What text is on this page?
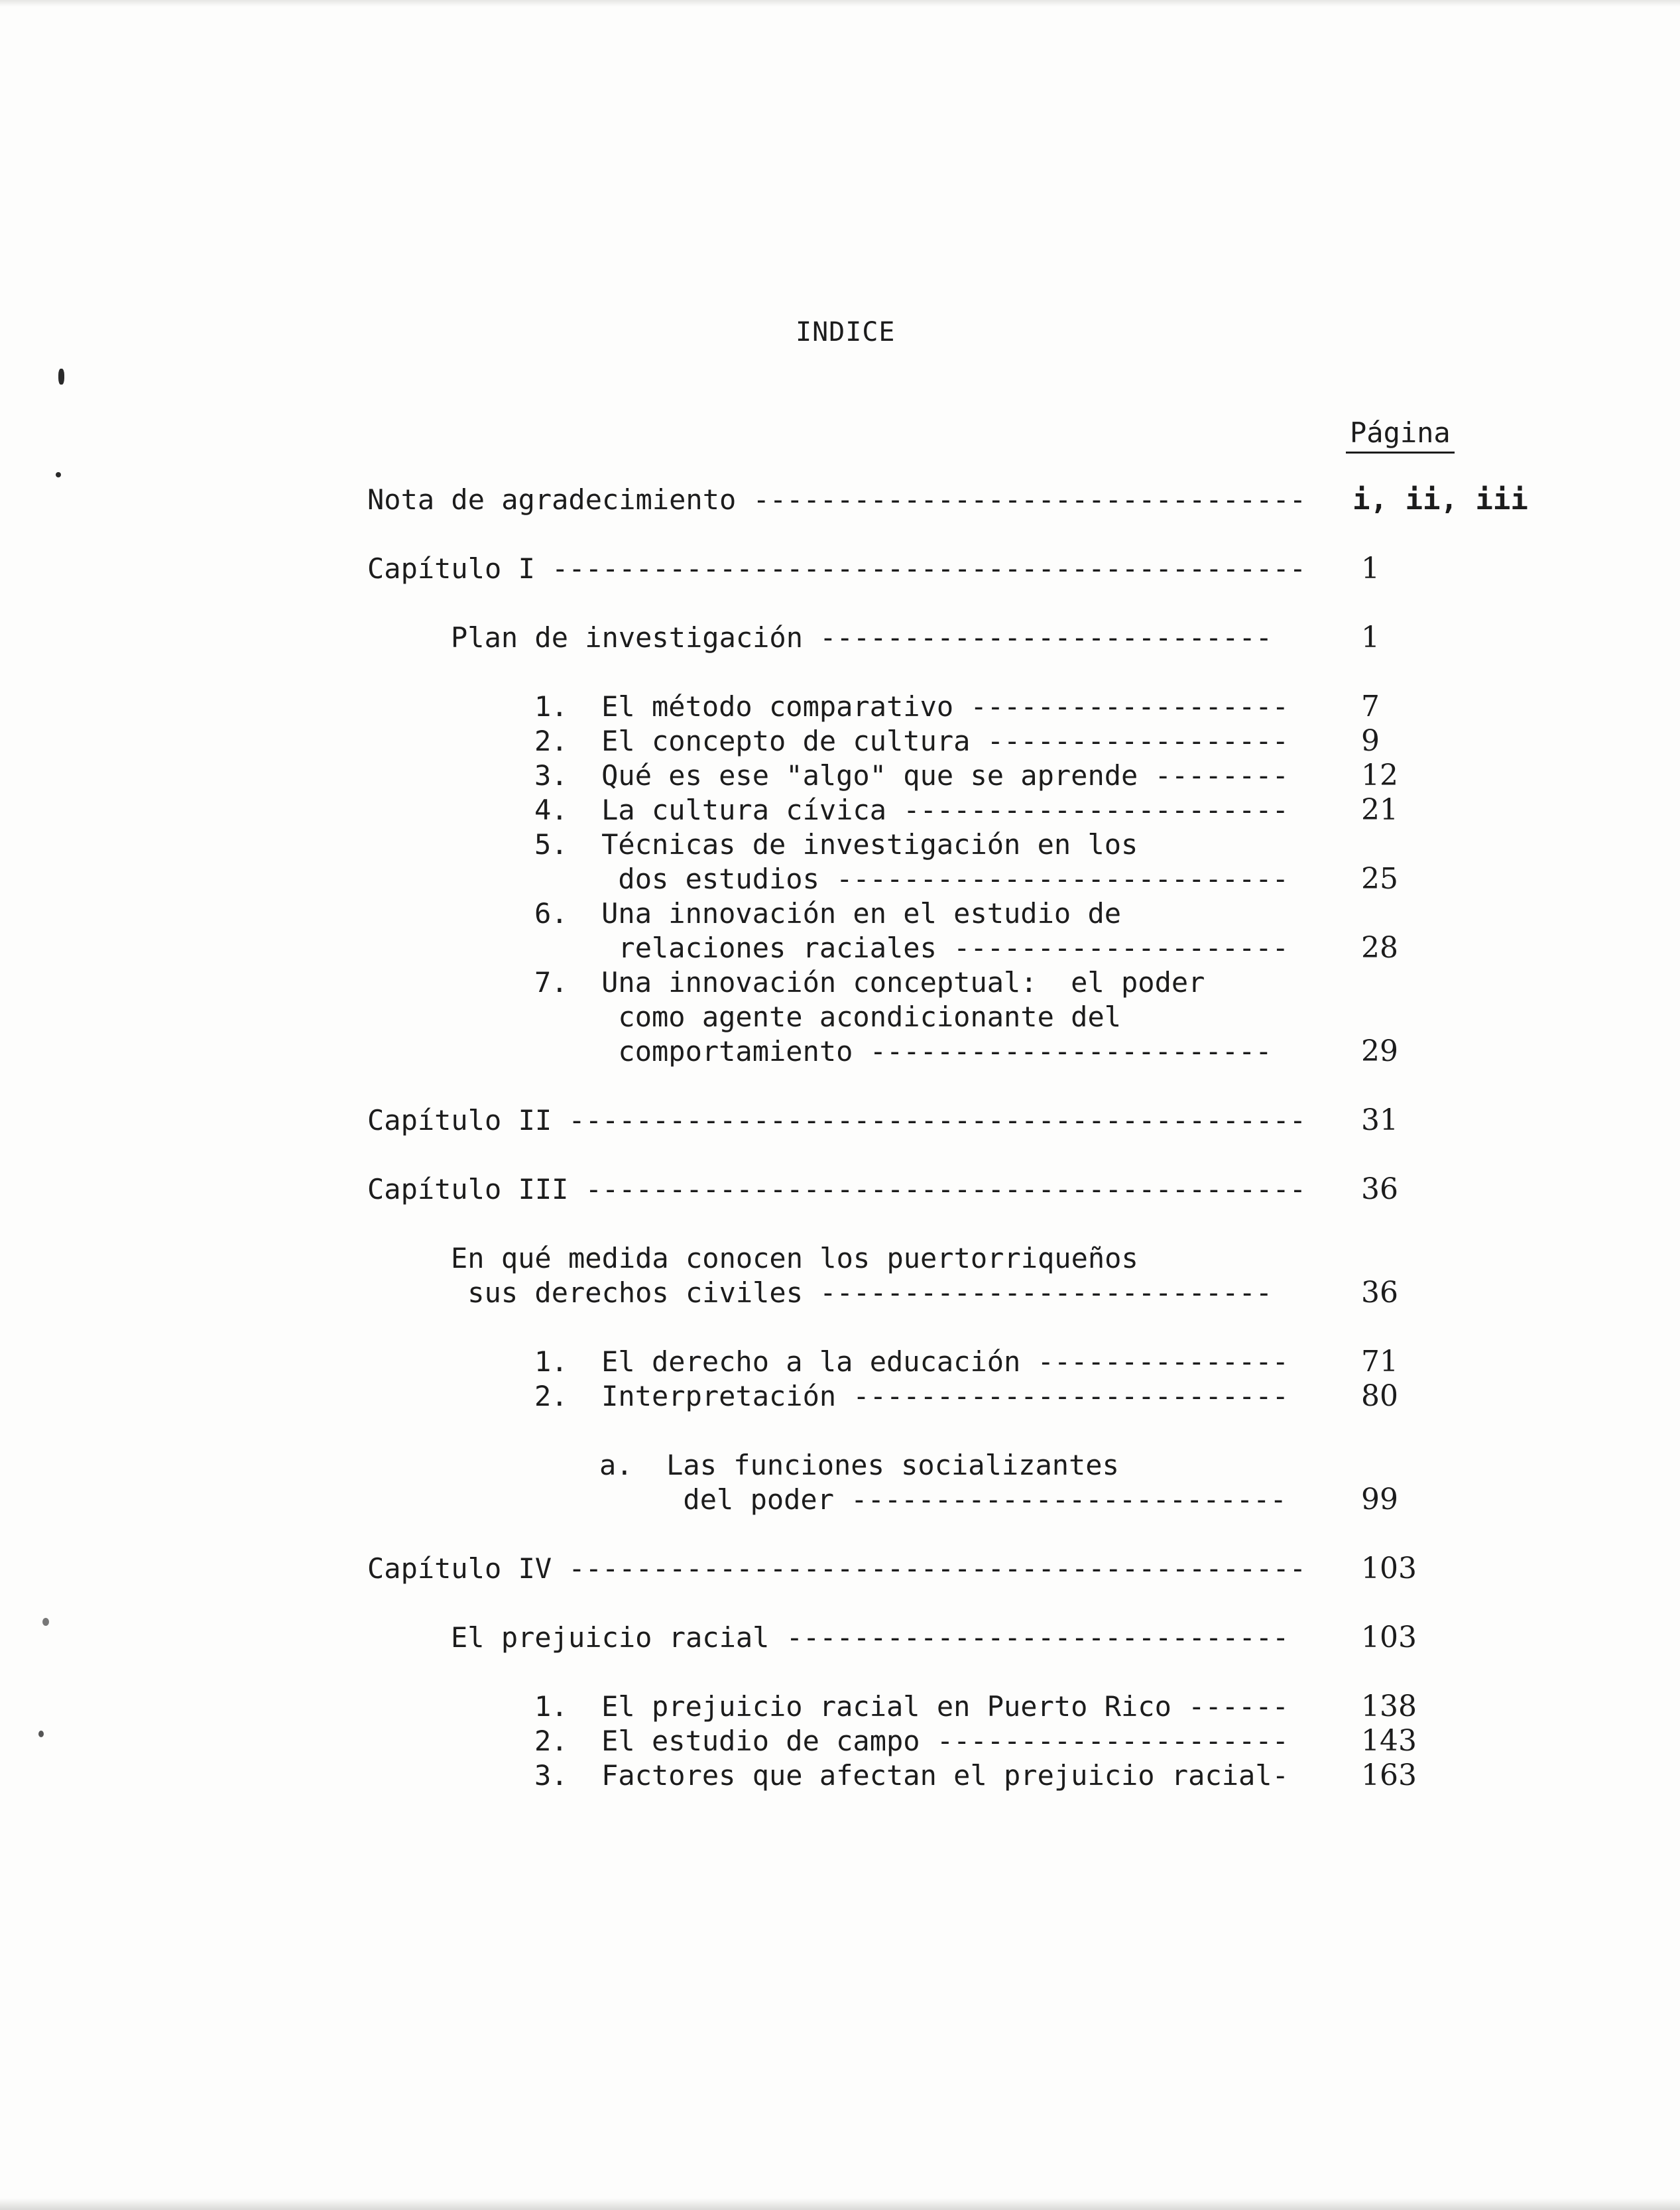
INDICE
Página
Nota de agradecimiento --------------------------------- i, ii, iii
Capítulo I --------------------------------------------- 1
Plan de investigación ---------------------------	1
1.  El método comparativo ------------------- 7
2.  El concepto de cultura ------------------ 9
3.  Qué es ese "algo" que se aprende -------- 12
4.  La cultura cívica ----------------------- 21
5.  Técnicas de investigación en los
dos estudios --------------------------- 25
6.  Una innovación en el estudio de
relaciones raciales -------------------- 28
7.  Una innovación conceptual:  el poder
como agente acondicionante del
comportamiento ------------------------	29
Capítulo II -------------------------------------------- 31
Capítulo III ------------------------------------------- 36
En qué medida conocen los puertorriqueños
sus derechos civiles ---------------------------	36
1.  El derecho a la educación --------------- 71
2.  Interpretación -------------------------- 80
a.  Las funciones socializantes
del poder --------------------------	99
Capítulo IV -------------------------------------------- 103
El prejuicio racial ------------------------------ 103
1.  El prejuicio racial en Puerto Rico ------ 138
2.  El estudio de campo --------------------- 143
3.  Factores que afectan el prejuicio racial- 163
